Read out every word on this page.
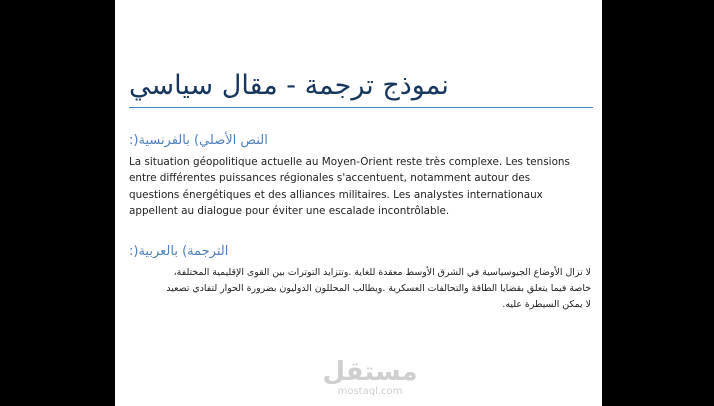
نموذج ترجمة - مقال سياسي
النص الأصلي) بالفرنسية(:
La situation géopolitique actuelle au Moyen-Orient reste très complexe. Les tensions entre différentes puissances régionales s'accentuent, notamment autour des questions énergétiques et des alliances militaires. Les analystes internationaux appellent au dialogue pour éviter une escalade incontrôlable.
الترجمة) بالعربية(:
لا تزال الأوضاع الجيوسياسية في الشرق الأوسط معقدة للغاية .وتتزايد التوترات بين القوى الإقليمية المختلفة،
خاصة فيما يتعلق بقضايا الطاقة والتحالفات العسكرية .ويطالب المحللون الدوليون بضرورة الحوار لتفادي تصعيد
لا يمكن السيطرة عليه.
مستقل
mostaql.com
